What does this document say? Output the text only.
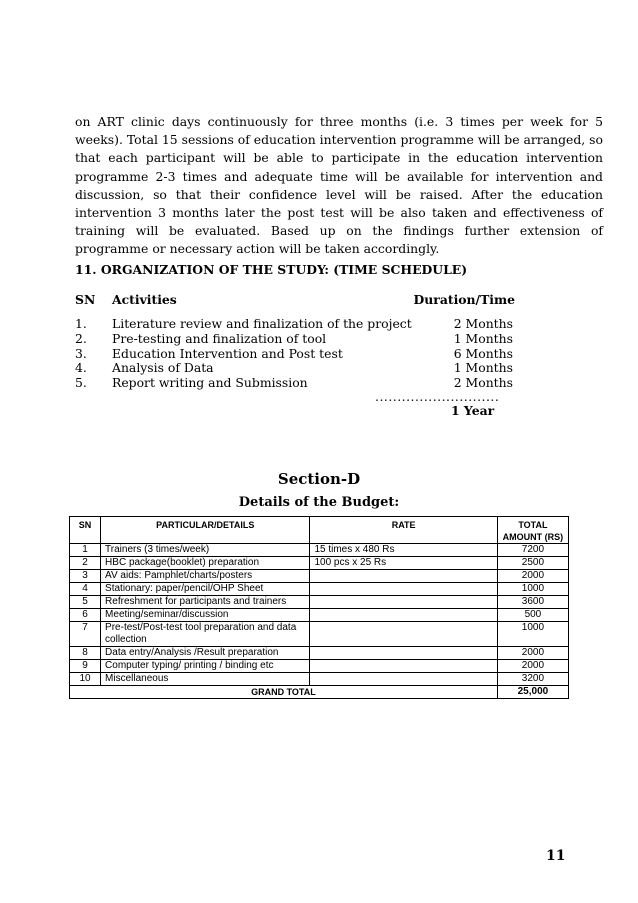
on ART clinic days continuously for three months (i.e. 3 times per week for 5 weeks). Total 15 sessions of education intervention programme will be arranged, so that each participant will be able to participate in the education intervention programme 2-3 times and adequate time will be available for intervention and discussion, so that their confidence level will be raised. After the education intervention 3 months later the post test will be also taken and effectiveness of training will be evaluated. Based up on the findings further extension of programme or necessary action will be taken accordingly.

11. ORGANIZATION OF THE STUDY: (TIME SCHEDULE)

SN Activities	Duration/Time
1. Literature review and finalization of the project	2 Months
2. Pre-testing and finalization of tool	1 Months
3. Education Intervention and Post test	6 Months
4. Analysis of Data	1 Months
5. Report writing and Submission	2 Months
............................
1 Year
Section-D
Details of the Budget:
SN	PARTICULAR/DETAILS	RATE	TOTAL AMOUNT (RS)
1	Trainers (3 times/week)	15 times x 480 Rs	7200
2	HBC package(booklet) preparation	100 pcs x 25 Rs	2500
3	AV aids: Pamphlet/charts/posters		2000
4	Stationary: paper/pencil/OHP Sheet		1000
5	Refreshment for participants and trainers		3600
6	Meeting/seminar/discussion		500
7	Pre-test/Post-test tool preparation and data collection		1000
8	Data entry/Analysis /Result preparation		2000
9	Computer typing/ printing / binding etc		2000
10	Miscellaneous		3200
GRAND TOTAL			25,000
11
